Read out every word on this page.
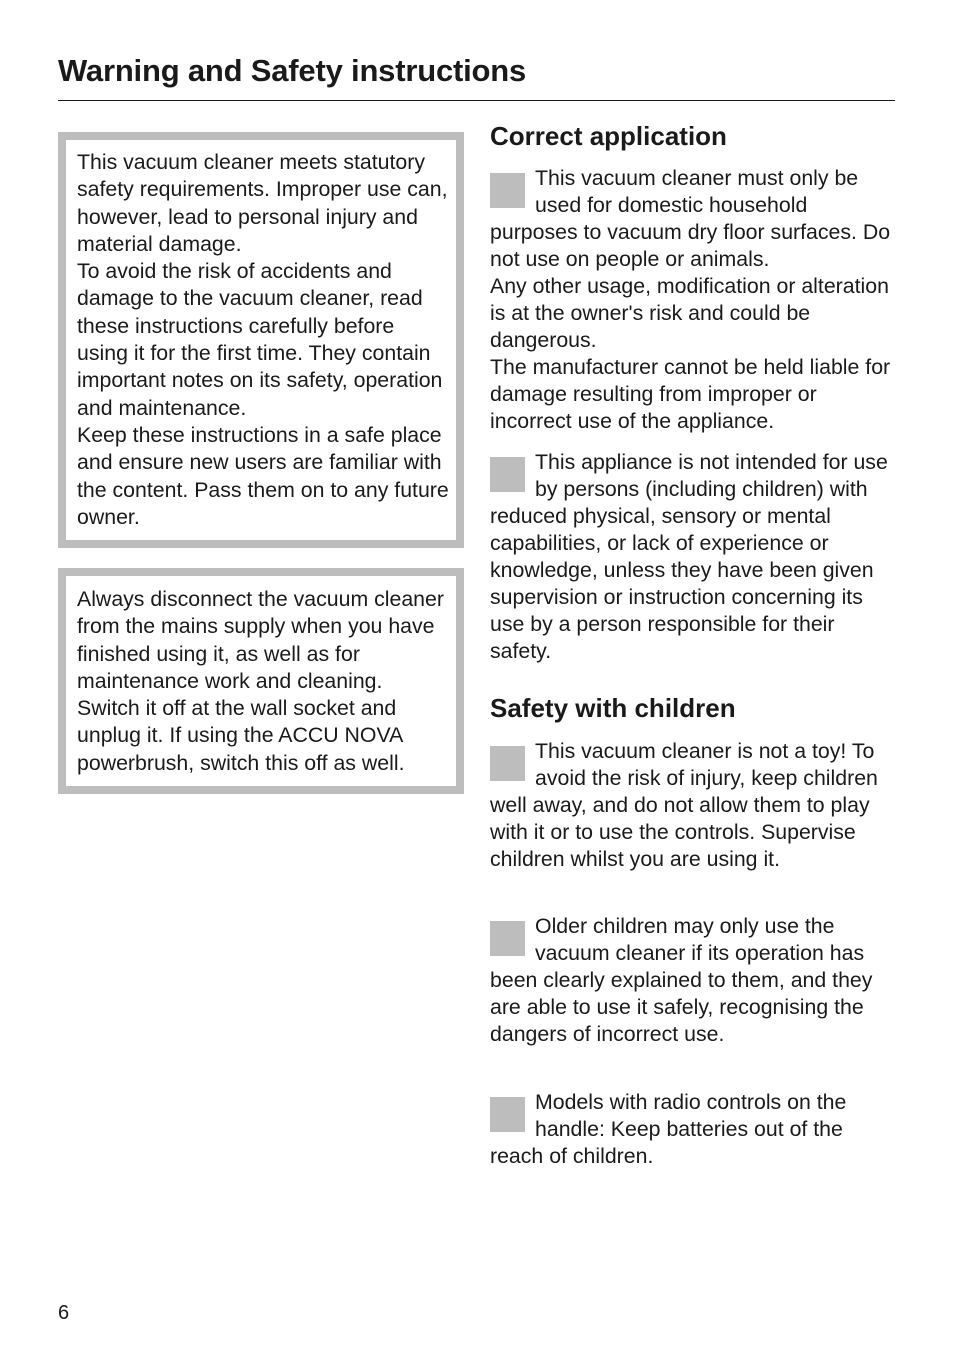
Warning and Safety instructions

This vacuum cleaner meets statutory safety requirements. Improper use can, however, lead to personal injury and material damage.

To avoid the risk of accidents and damage to the vacuum cleaner, read these instructions carefully before using it for the first time. They contain important notes on its safety, operation and maintenance.

Keep these instructions in a safe place and ensure new users are familiar with the content. Pass them on to any future owner.

Always disconnect the vacuum cleaner from the mains supply when you have finished using it, as well as for maintenance work and cleaning. Switch it off at the wall socket and unplug it. If using the ACCU NOVA powerbrush, switch this off as well.

Correct application

This vacuum cleaner must only be used for domestic household purposes to vacuum dry floor surfaces. Do not use on people or animals.

Any other usage, modification or alteration is at the owner's risk and could be dangerous.

The manufacturer cannot be held liable for damage resulting from improper or incorrect use of the appliance.

This appliance is not intended for use by persons (including children) with reduced physical, sensory or mental capabilities, or lack of experience or knowledge, unless they have been given supervision or instruction concerning its use by a person responsible for their safety.

Safety with children

This vacuum cleaner is not a toy! To avoid the risk of injury, keep children well away, and do not allow them to play with it or to use the controls. Supervise children whilst you are using it.

Older children may only use the vacuum cleaner if its operation has been clearly explained to them, and they are able to use it safely, recognising the dangers of incorrect use.

Models with radio controls on the handle: Keep batteries out of the reach of children.

6
